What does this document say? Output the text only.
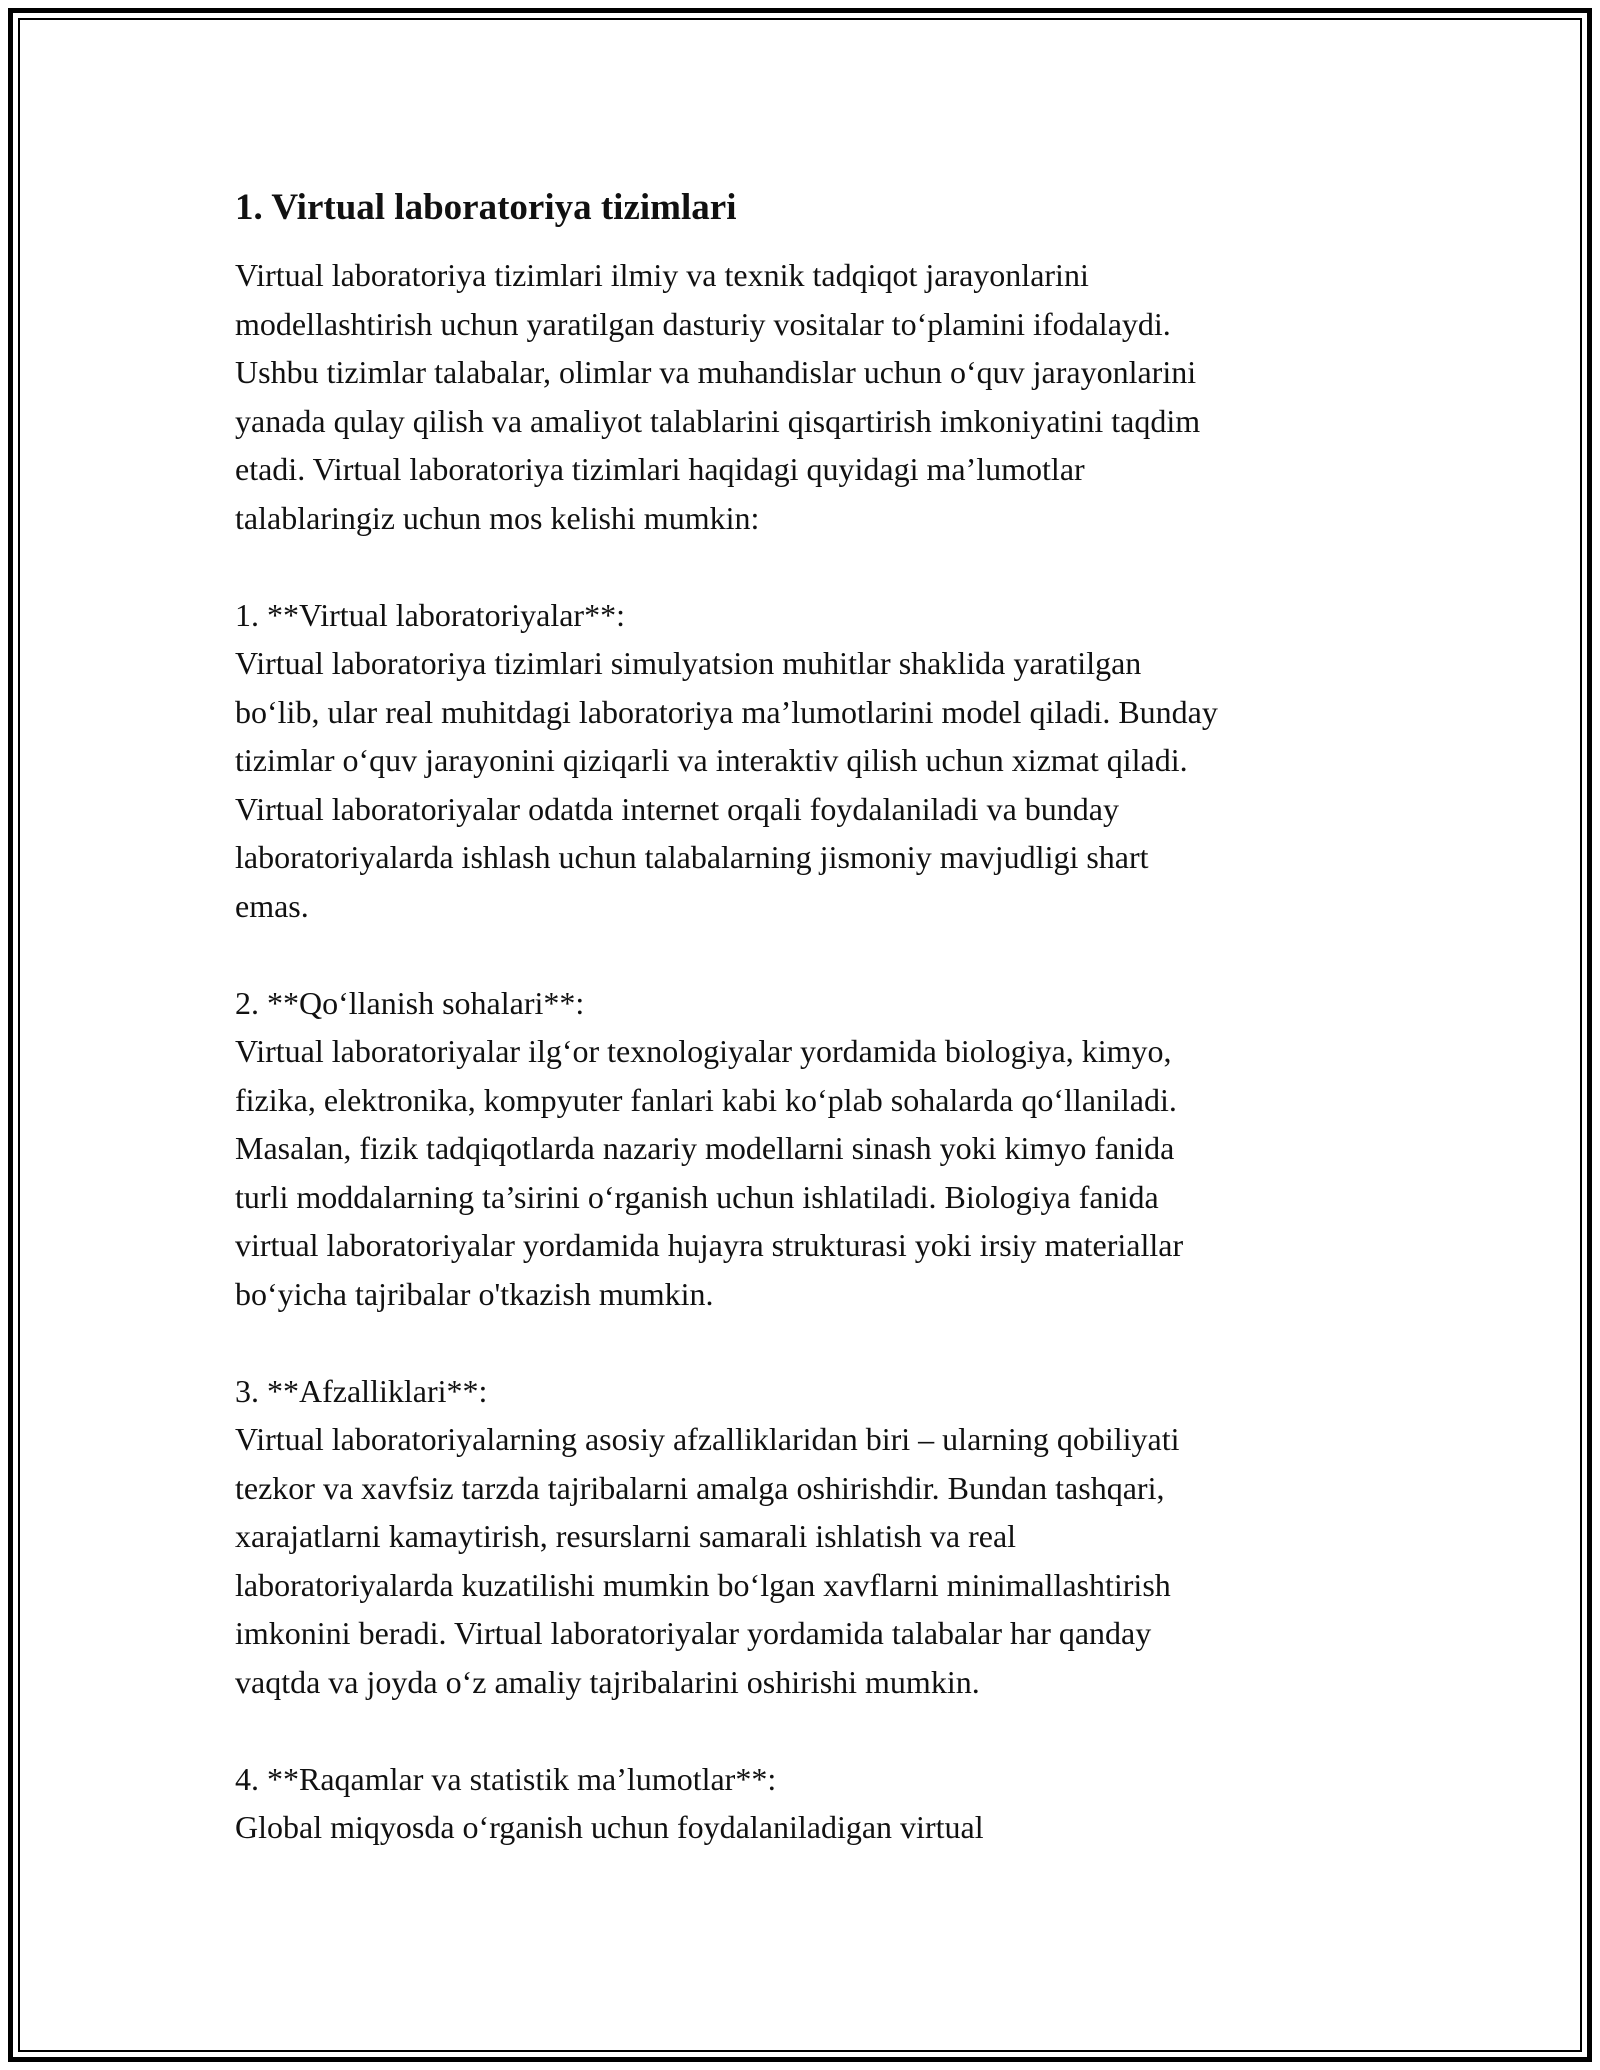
1. Virtual laboratoriya tizimlari
Virtual laboratoriya tizimlari ilmiy va texnik tadqiqot jarayonlarini
modellashtirish uchun yaratilgan dasturiy vositalar to‘plamini ifodalaydi.
Ushbu tizimlar talabalar, olimlar va muhandislar uchun o‘quv jarayonlarini
yanada qulay qilish va amaliyot talablarini qisqartirish imkoniyatini taqdim
etadi. Virtual laboratoriya tizimlari haqidagi quyidagi ma’lumotlar
talablaringiz uchun mos kelishi mumkin:
1. **Virtual laboratoriyalar**:
Virtual laboratoriya tizimlari simulyatsion muhitlar shaklida yaratilgan
bo‘lib, ular real muhitdagi laboratoriya ma’lumotlarini model qiladi. Bunday
tizimlar o‘quv jarayonini qiziqarli va interaktiv qilish uchun xizmat qiladi.
Virtual laboratoriyalar odatda internet orqali foydalaniladi va bunday
laboratoriyalarda ishlash uchun talabalarning jismoniy mavjudligi shart
emas.
2. **Qo‘llanish sohalari**:
Virtual laboratoriyalar ilg‘or texnologiyalar yordamida biologiya, kimyo,
fizika, elektronika, kompyuter fanlari kabi ko‘plab sohalarda qo‘llaniladi.
Masalan, fizik tadqiqotlarda nazariy modellarni sinash yoki kimyo fanida
turli moddalarning ta’sirini o‘rganish uchun ishlatiladi. Biologiya fanida
virtual laboratoriyalar yordamida hujayra strukturasi yoki irsiy materiallar
bo‘yicha tajribalar o'tkazish mumkin.
3. **Afzalliklari**:
Virtual laboratoriyalarning asosiy afzalliklaridan biri – ularning qobiliyati
tezkor va xavfsiz tarzda tajribalarni amalga oshirishdir. Bundan tashqari,
xarajatlarni kamaytirish, resurslarni samarali ishlatish va real
laboratoriyalarda kuzatilishi mumkin bo‘lgan xavflarni minimallashtirish
imkonini beradi. Virtual laboratoriyalar yordamida talabalar har qanday
vaqtda va joyda o‘z amaliy tajribalarini oshirishi mumkin.
4. **Raqamlar va statistik ma’lumotlar**:
Global miqyosda o‘rganish uchun foydalaniladigan virtual
